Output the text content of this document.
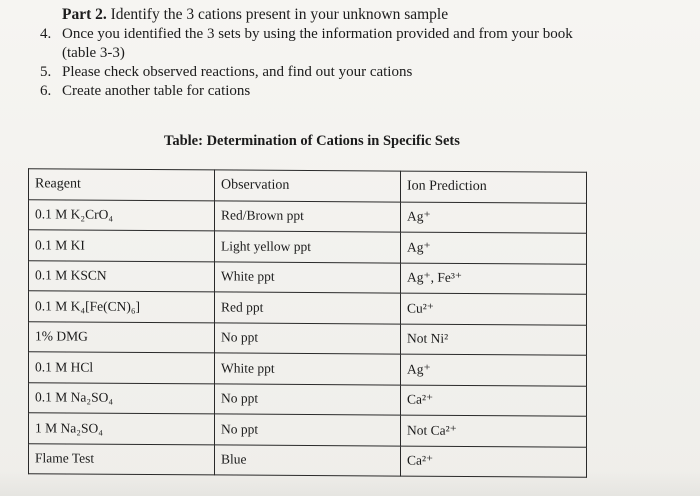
Part 2. Identify the 3 cations present in your unknown sample
4. Once you identified the 3 sets by using the information provided and from your book
(table 3-3)
5. Please check observed reactions, and find out your cations
6. Create another table for cations
Table: Determination of Cations in Specific Sets
Reagent	Observation	Ion Prediction
0.1 M K₂CrO₄	Red/Brown ppt	Ag⁺
0.1 M KI	Light yellow ppt	Ag⁺
0.1 M KSCN	White ppt	Ag⁺, Fe³⁺
0.1 M K₄[Fe(CN)₆]	Red ppt	Cu²⁺
1% DMG	No ppt	Not Ni²
0.1 M HCl	White ppt	Ag⁺
0.1 M Na₂SO₄	No ppt	Ca²⁺
1 M Na₂SO₄	No ppt	Not Ca²⁺
Flame Test	Blue	Ca²⁺
